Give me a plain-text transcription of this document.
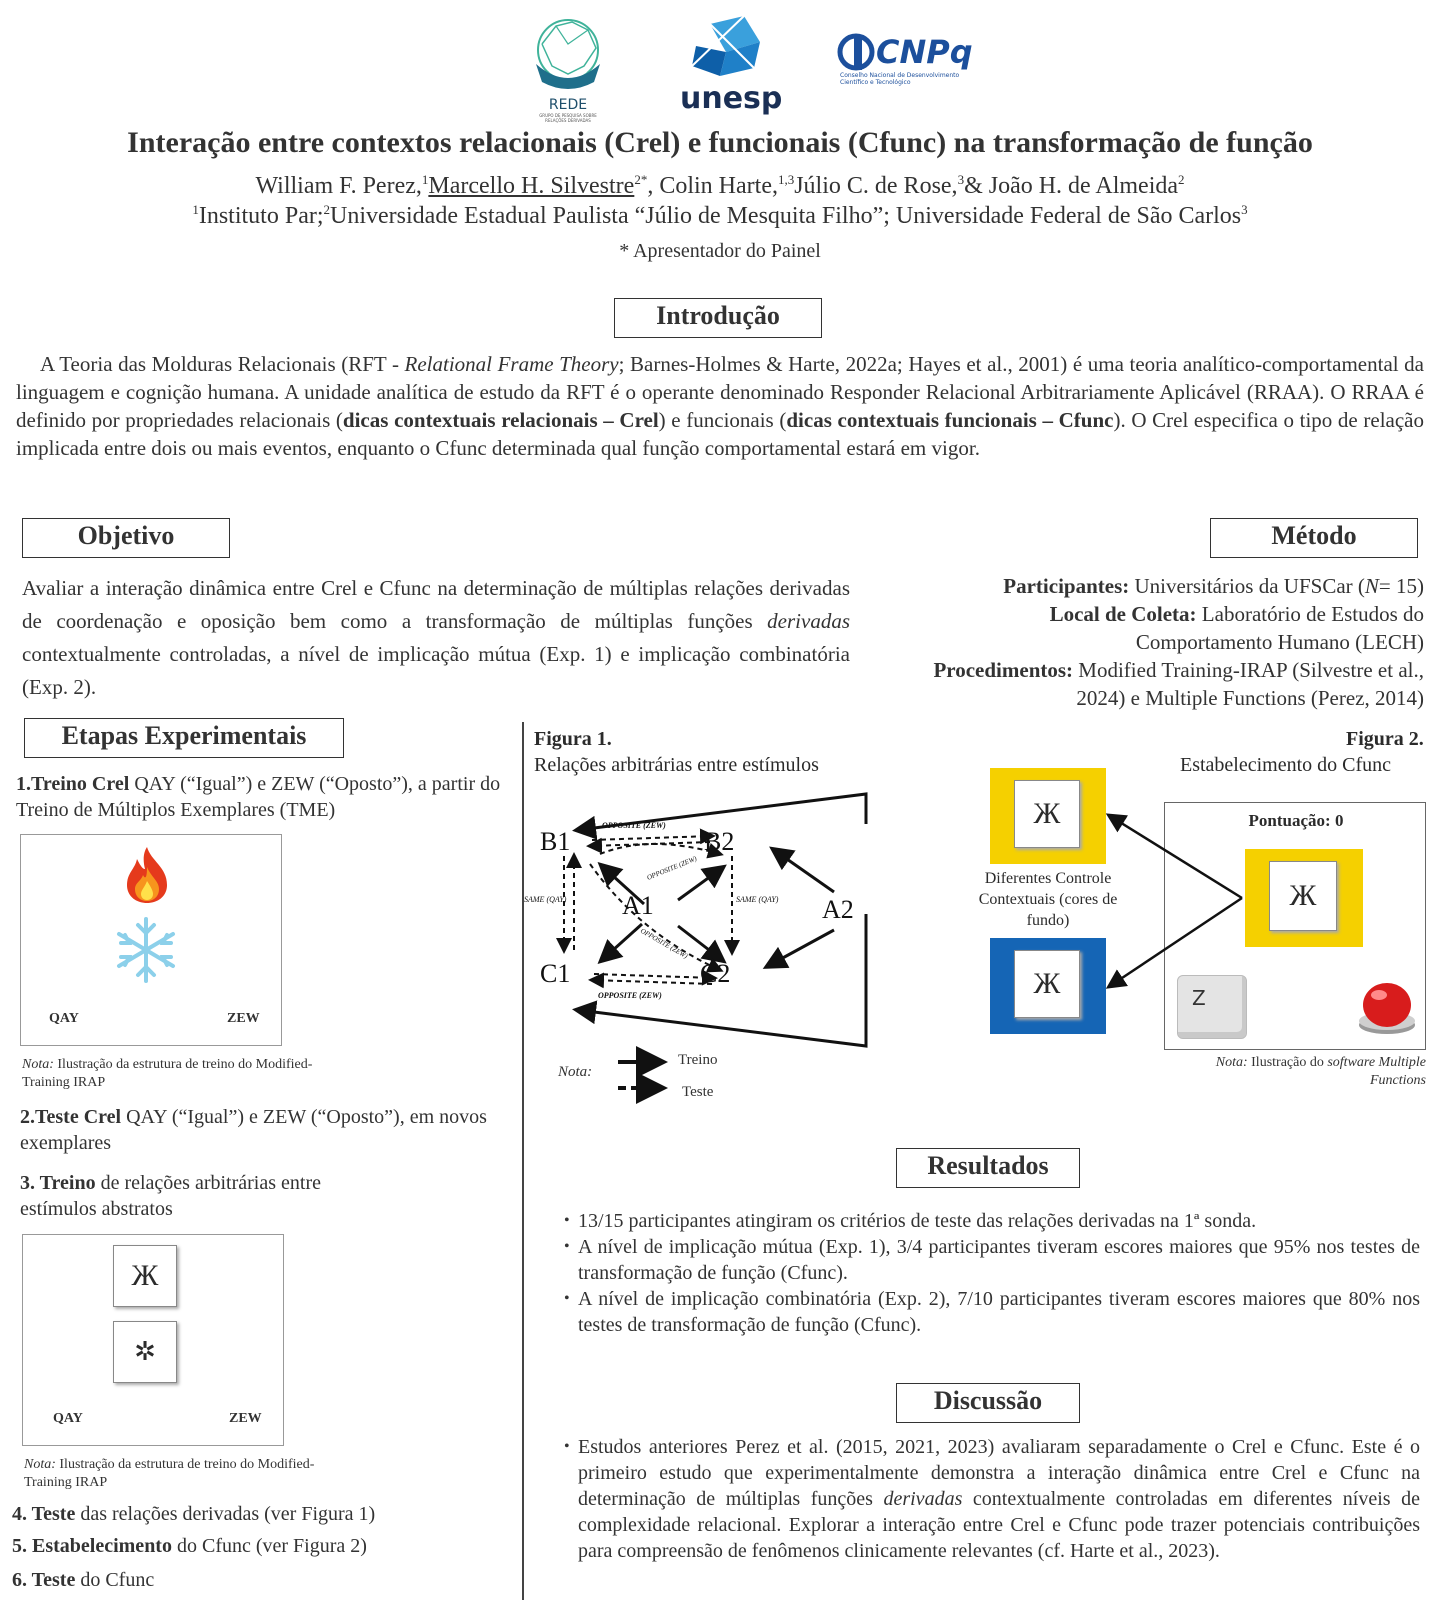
REDE
GRUPO DE PESQUISA SOBRE RELAÇÕES DERIVADAS
unesp
CNPq
Conselho Nacional de Desenvolvimento
Científico e Tecnológico
Interação entre contextos relacionais (Crel) e funcionais (Cfunc) na transformação de função
William F. Perez,$^1$Marcello H. Silvestre$^{2*}$, Colin Harte,$^{1,3}$Júlio C. de Rose,$^3$& João H. de Almeida$^2$
$^1$Instituto Par;$^2$Universidade Estadual Paulista “Júlio de Mesquita Filho”; Universidade Federal de São Carlos$^3$
* Apresentador do Painel
Introdução
A Teoria das Molduras Relacionais (RFT - Relational Frame Theory; Barnes-Holmes & Harte, 2022a; Hayes et al., 2001) é uma teoria analítico-comportamental da linguagem e cognição humana. A unidade analítica de estudo da RFT é o operante denominado Responder Relacional Arbitrariamente Aplicável (RRAA). O RRAA é definido por propriedades relacionais (dicas contextuais relacionais – Crel) e funcionais (dicas contextuais funcionais – Cfunc). O Crel especifica o tipo de relação implicada entre dois ou mais eventos, enquanto o Cfunc determinada qual função comportamental estará em vigor.
Objetivo
Avaliar a interação dinâmica entre Crel e Cfunc na determinação de múltiplas relações derivadas de coordenação e oposição bem como a transformação de múltiplas funções derivadas contextualmente controladas, a nível de implicação mútua (Exp. 1) e implicação combinatória (Exp. 2).
Método
Participantes: Universitários da UFSCar (N= 15)
Local de Coleta: Laboratório de Estudos do Comportamento Humano (LECH)
Procedimentos: Modified Training-IRAP (Silvestre et al., 2024) e Multiple Functions (Perez, 2014)
Etapas Experimentais
1.Treino Crel QAY (“Igual”) e ZEW (“Oposto”), a partir do Treino de Múltiplos Exemplares (TME)
QAY	ZEW
Nota: Ilustração da estrutura de treino do Modified-Training IRAP
2.Teste Crel QAY (“Igual”) e ZEW (“Oposto”), em novos exemplares
3. Treino de relações arbitrárias entre estímulos abstratos
Ж
✲
QAY	ZEW
Nota: Ilustração da estrutura de treino do Modified-Training IRAP
4. Teste das relações derivadas (ver Figura 1)
5. Estabelecimento do Cfunc (ver Figura 2)
6. Teste do Cfunc
Figura 1.
Relações arbitrárias entre estímulos
B1	B2
A1	A2
C1	C2
OPPOSITE (ZEW)
OPPOSITE (ZEW)
OPPOSITE (ZEW)
OPPOSITE (ZEW)
SAME (QAY)	SAME (QAY)
Nota:
Treino
Teste
Figura 2.
Estabelecimento do Cfunc
Ж
Diferentes Controle Contextuais (cores de fundo)
Ж
Pontuação: 0
Ж
Z
Nota: Ilustração do software Multiple Functions
Resultados
• 13/15 participantes atingiram os critérios de teste das relações derivadas na 1ª sonda.
• A nível de implicação mútua (Exp. 1), 3/4 participantes tiveram escores maiores que 95% nos testes de transformação de função (Cfunc).
• A nível de implicação combinatória (Exp. 2), 7/10 participantes tiveram escores maiores que 80% nos testes de transformação de função (Cfunc).
Discussão
• Estudos anteriores Perez et al. (2015, 2021, 2023) avaliaram separadamente o Crel e Cfunc. Este é o primeiro estudo que experimentalmente demonstra a interação dinâmica entre Crel e Cfunc na determinação de múltiplas funções derivadas contextualmente controladas em diferentes níveis de complexidade relacional. Explorar a interação entre Crel e Cfunc pode trazer potenciais contribuições para compreensão de fenômenos clinicamente relevantes (cf. Harte et al., 2023).
